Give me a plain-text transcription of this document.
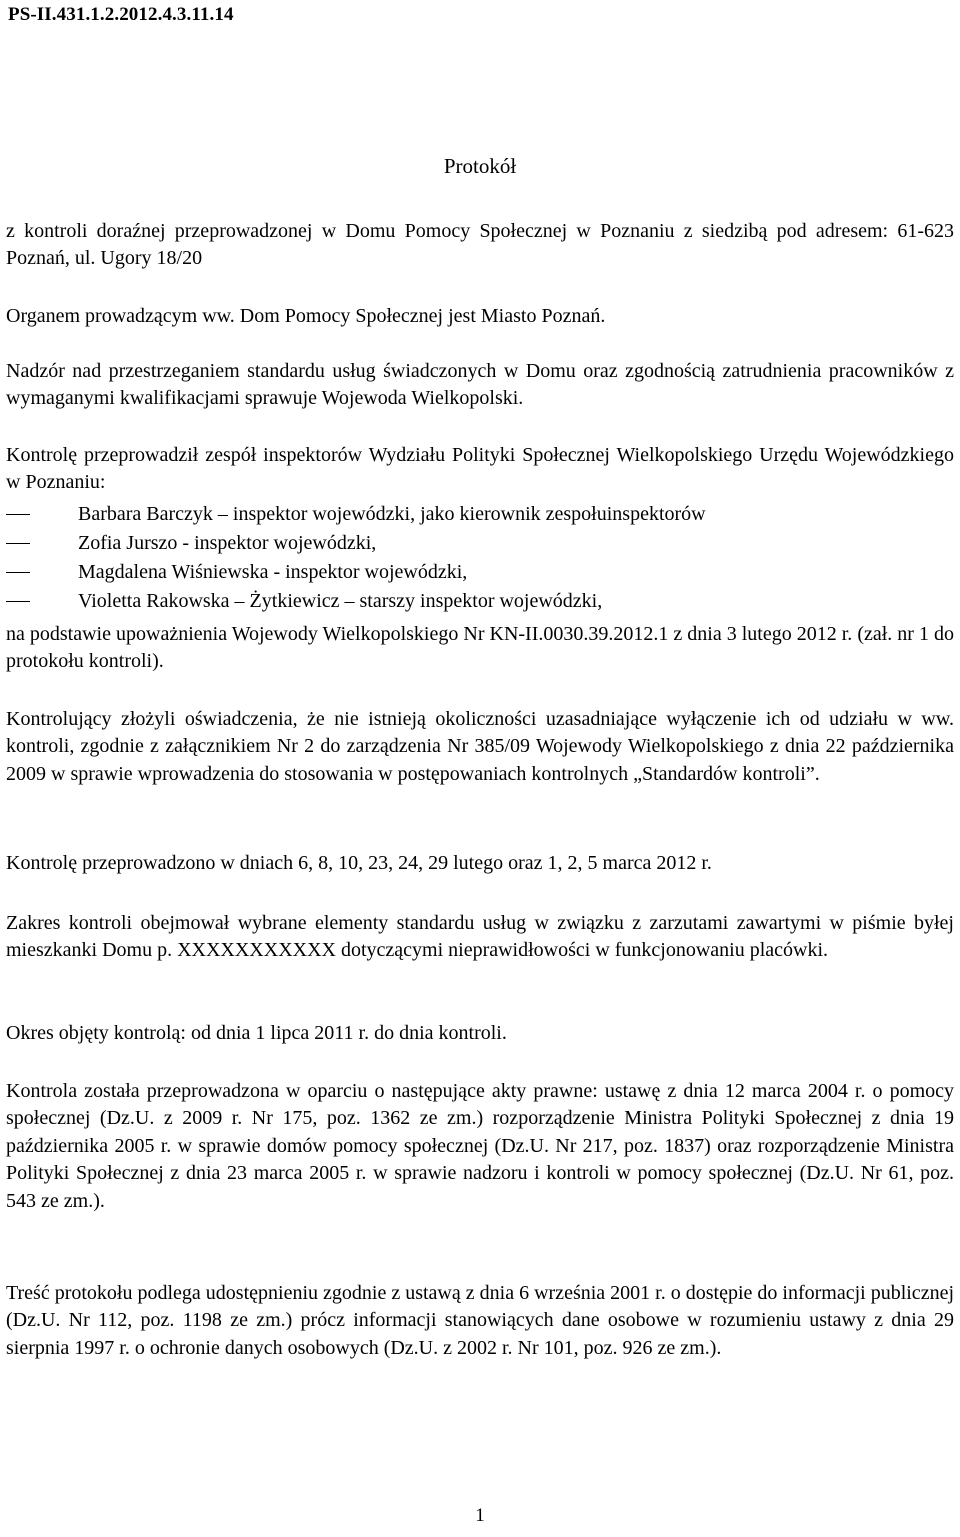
PS-II.431.1.2.2012.4.3.11.14
Protokół
z kontroli doraźnej przeprowadzonej w Domu Pomocy Społecznej w Poznaniu z siedzibą pod adresem: 61-623 Poznań, ul. Ugory 18/20
Organem prowadzącym ww. Dom Pomocy Społecznej jest Miasto Poznań.
Nadzór nad przestrzeganiem standardu usług świadczonych w Domu oraz zgodnością zatrudnienia pracowników z wymaganymi kwalifikacjami sprawuje Wojewoda Wielkopolski.
Kontrolę przeprowadził zespół inspektorów Wydziału Polityki Społecznej Wielkopolskiego Urzędu Wojewódzkiego w Poznaniu:
Barbara Barczyk – inspektor wojewódzki, jako kierownik zespołuinspektorów
Zofia Jurszo - inspektor wojewódzki,
Magdalena Wiśniewska - inspektor wojewódzki,
Violetta Rakowska – Żytkiewicz – starszy inspektor wojewódzki,
na podstawie upoważnienia Wojewody Wielkopolskiego Nr KN-II.0030.39.2012.1 z dnia 3 lutego 2012 r. (zał. nr 1 do protokołu kontroli).
Kontrolujący złożyli oświadczenia, że nie istnieją okoliczności uzasadniające wyłączenie ich od udziału w ww. kontroli, zgodnie z załącznikiem Nr 2 do zarządzenia Nr 385/09 Wojewody Wielkopolskiego z dnia 22 października 2009 w sprawie wprowadzenia do stosowania w postępowaniach kontrolnych „Standardów kontroli”.
Kontrolę przeprowadzono w dniach 6, 8, 10, 23, 24, 29 lutego oraz 1, 2, 5 marca 2012 r.
Zakres kontroli obejmował wybrane elementy standardu usług w związku z zarzutami zawartymi w piśmie byłej mieszkanki Domu p. XXXXXXXXXXX dotyczącymi nieprawidłowości w funkcjonowaniu placówki.
Okres objęty kontrolą: od dnia 1 lipca 2011 r. do dnia kontroli.
Kontrola została przeprowadzona w oparciu o następujące akty prawne: ustawę z dnia 12 marca 2004 r. o pomocy społecznej (Dz.U. z 2009 r. Nr 175, poz. 1362 ze zm.) rozporządzenie Ministra Polityki Społecznej z dnia 19 października 2005 r. w sprawie domów pomocy społecznej (Dz.U. Nr 217, poz. 1837) oraz rozporządzenie Ministra Polityki Społecznej z dnia 23 marca 2005 r. w sprawie nadzoru i kontroli w pomocy społecznej (Dz.U. Nr 61, poz. 543 ze zm.).
Treść protokołu podlega udostępnieniu zgodnie z ustawą z dnia 6 września 2001 r. o dostępie do informacji publicznej (Dz.U. Nr 112, poz. 1198 ze zm.) prócz informacji stanowiących dane osobowe w rozumieniu ustawy z dnia 29 sierpnia 1997 r. o ochronie danych osobowych (Dz.U. z 2002 r. Nr 101, poz. 926 ze zm.).
1
